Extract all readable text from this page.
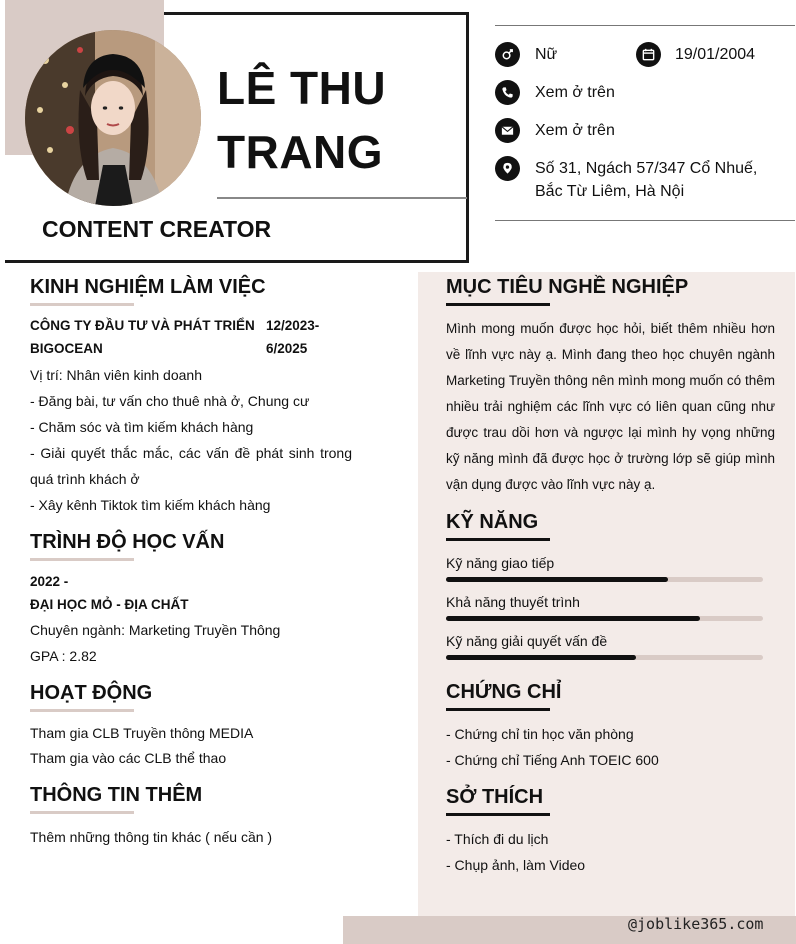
LÊ THU
TRANG
CONTENT CREATOR
Nữ	19/01/2004
Xem ở trên
Xem ở trên
Số 31, Ngách 57/347 Cổ Nhuế,
Bắc Từ Liêm, Hà Nội
KINH NGHIỆM LÀM VIỆC
CÔNG TY ĐẦU TƯ VÀ PHÁT TRIỂN
BIGOCEAN
12/2023-
6/2025
Vị trí: Nhân viên kinh doanh
- Đăng bài, tư vấn cho thuê nhà ở, Chung cư
- Chăm sóc và tìm kiếm khách hàng
- Giải quyết thắc mắc, các vấn đề phát sinh trong quá trình khách ở
- Xây kênh Tiktok tìm kiếm khách hàng
TRÌNH ĐỘ HỌC VẤN
2022 -
ĐẠI HỌC MỎ - ĐỊA CHẤT
Chuyên ngành: Marketing Truyền Thông
GPA : 2.82
HOẠT ĐỘNG
Tham gia CLB Truyền thông MEDIA
Tham gia vào các CLB thể thao
THÔNG TIN THÊM
Thêm những thông tin khác ( nếu cần )
MỤC TIÊU NGHỀ NGHIỆP
Mình mong muốn được học hỏi, biết thêm nhiều hơn về lĩnh vực này ạ. Mình đang theo học chuyên ngành Marketing Truyền thông nên mình mong muốn có thêm nhiều trải nghiệm các lĩnh vực có liên quan cũng như được trau dồi hơn và ngược lại mình hy vọng những kỹ năng mình đã được học ở trường lớp sẽ giúp mình vận dụng được vào lĩnh vực này ạ.
KỸ NĂNG
Kỹ năng giao tiếp
Khả năng thuyết trình
Kỹ năng giải quyết vấn đề
CHỨNG CHỈ
- Chứng chỉ tin học văn phòng
- Chứng chỉ Tiếng Anh TOEIC 600
SỞ THÍCH
- Thích đi du lịch
- Chụp ảnh, làm Video
@joblike365.com
